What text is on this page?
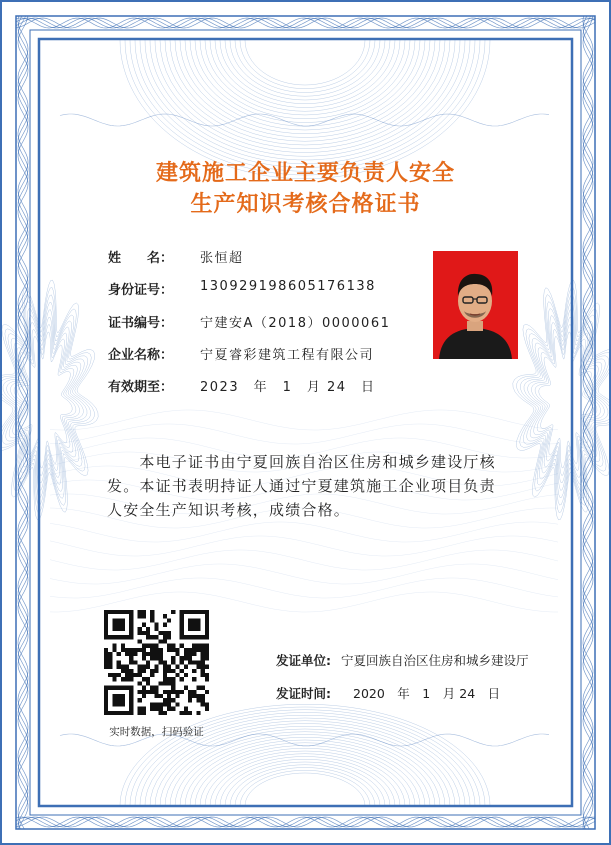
建筑施工企业主要负责人安全
生产知识考核合格证书
姓　　名： 张恒超
身份证号： 130929198605176138
证书编号： 宁建安A（2018）0000061
企业名称： 宁夏睿彩建筑工程有限公司
有效期至： 2023　年　1　月 24　日
　　本电子证书由宁夏回族自治区住房和城乡建设厅核
发。本证书表明持证人通过宁夏建筑施工企业项目负责
人安全生产知识考核，成绩合格。
实时数据，扫码验证
发证单位: 宁夏回族自治区住房和城乡建设厅
发证时间: 2020　年　1　月 24　日
